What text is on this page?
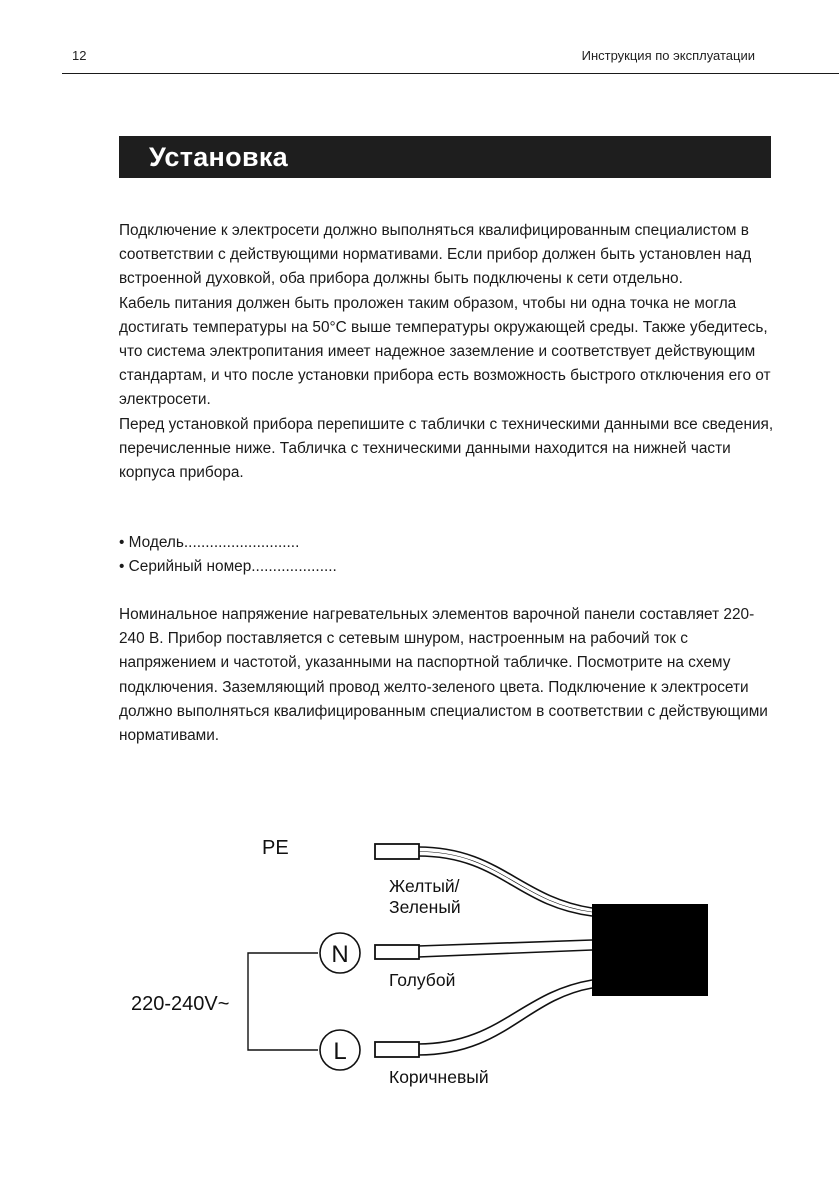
12	Инструкция по эксплуатации
Установка

Подключение к электросети должно выполняться квалифицированным специалистом в соответствии с действующими нормативами. Если прибор должен быть установлен над встроенной духовкой, оба прибора должны быть подключены к сети отдельно.

Кабель питания должен быть проложен таким образом, чтобы ни одна точка не могла достигать температуры на 50°C выше температуры окружающей среды. Также убедитесь, что система электропитания имеет надежное заземление и соответствует действующим стандартам, и что после установки прибора есть возможность быстрого отключения его от электросети.

Перед установкой прибора перепишите с таблички с техническими данными все сведения, перечисленные ниже. Табличка с техническими данными находится на нижней части корпуса прибора.

• Модель...........................

• Серийный номер....................

Номинальное напряжение нагревательных элементов варочной панели составляет 220-240 В. Прибор поставляется с сетевым шнуром, настроенным на рабочий ток с напряжением и частотой, указанными на паспортной табличке. Посмотрите на схему подключения. Заземляющий провод желто-зеленого цвета. Подключение к электросети должно выполняться квалифицированным специалистом в соответствии с действующими нормативами.

N
L
PE
220-240V~
Желтый/
Зеленый
Голубой
Коричневый
